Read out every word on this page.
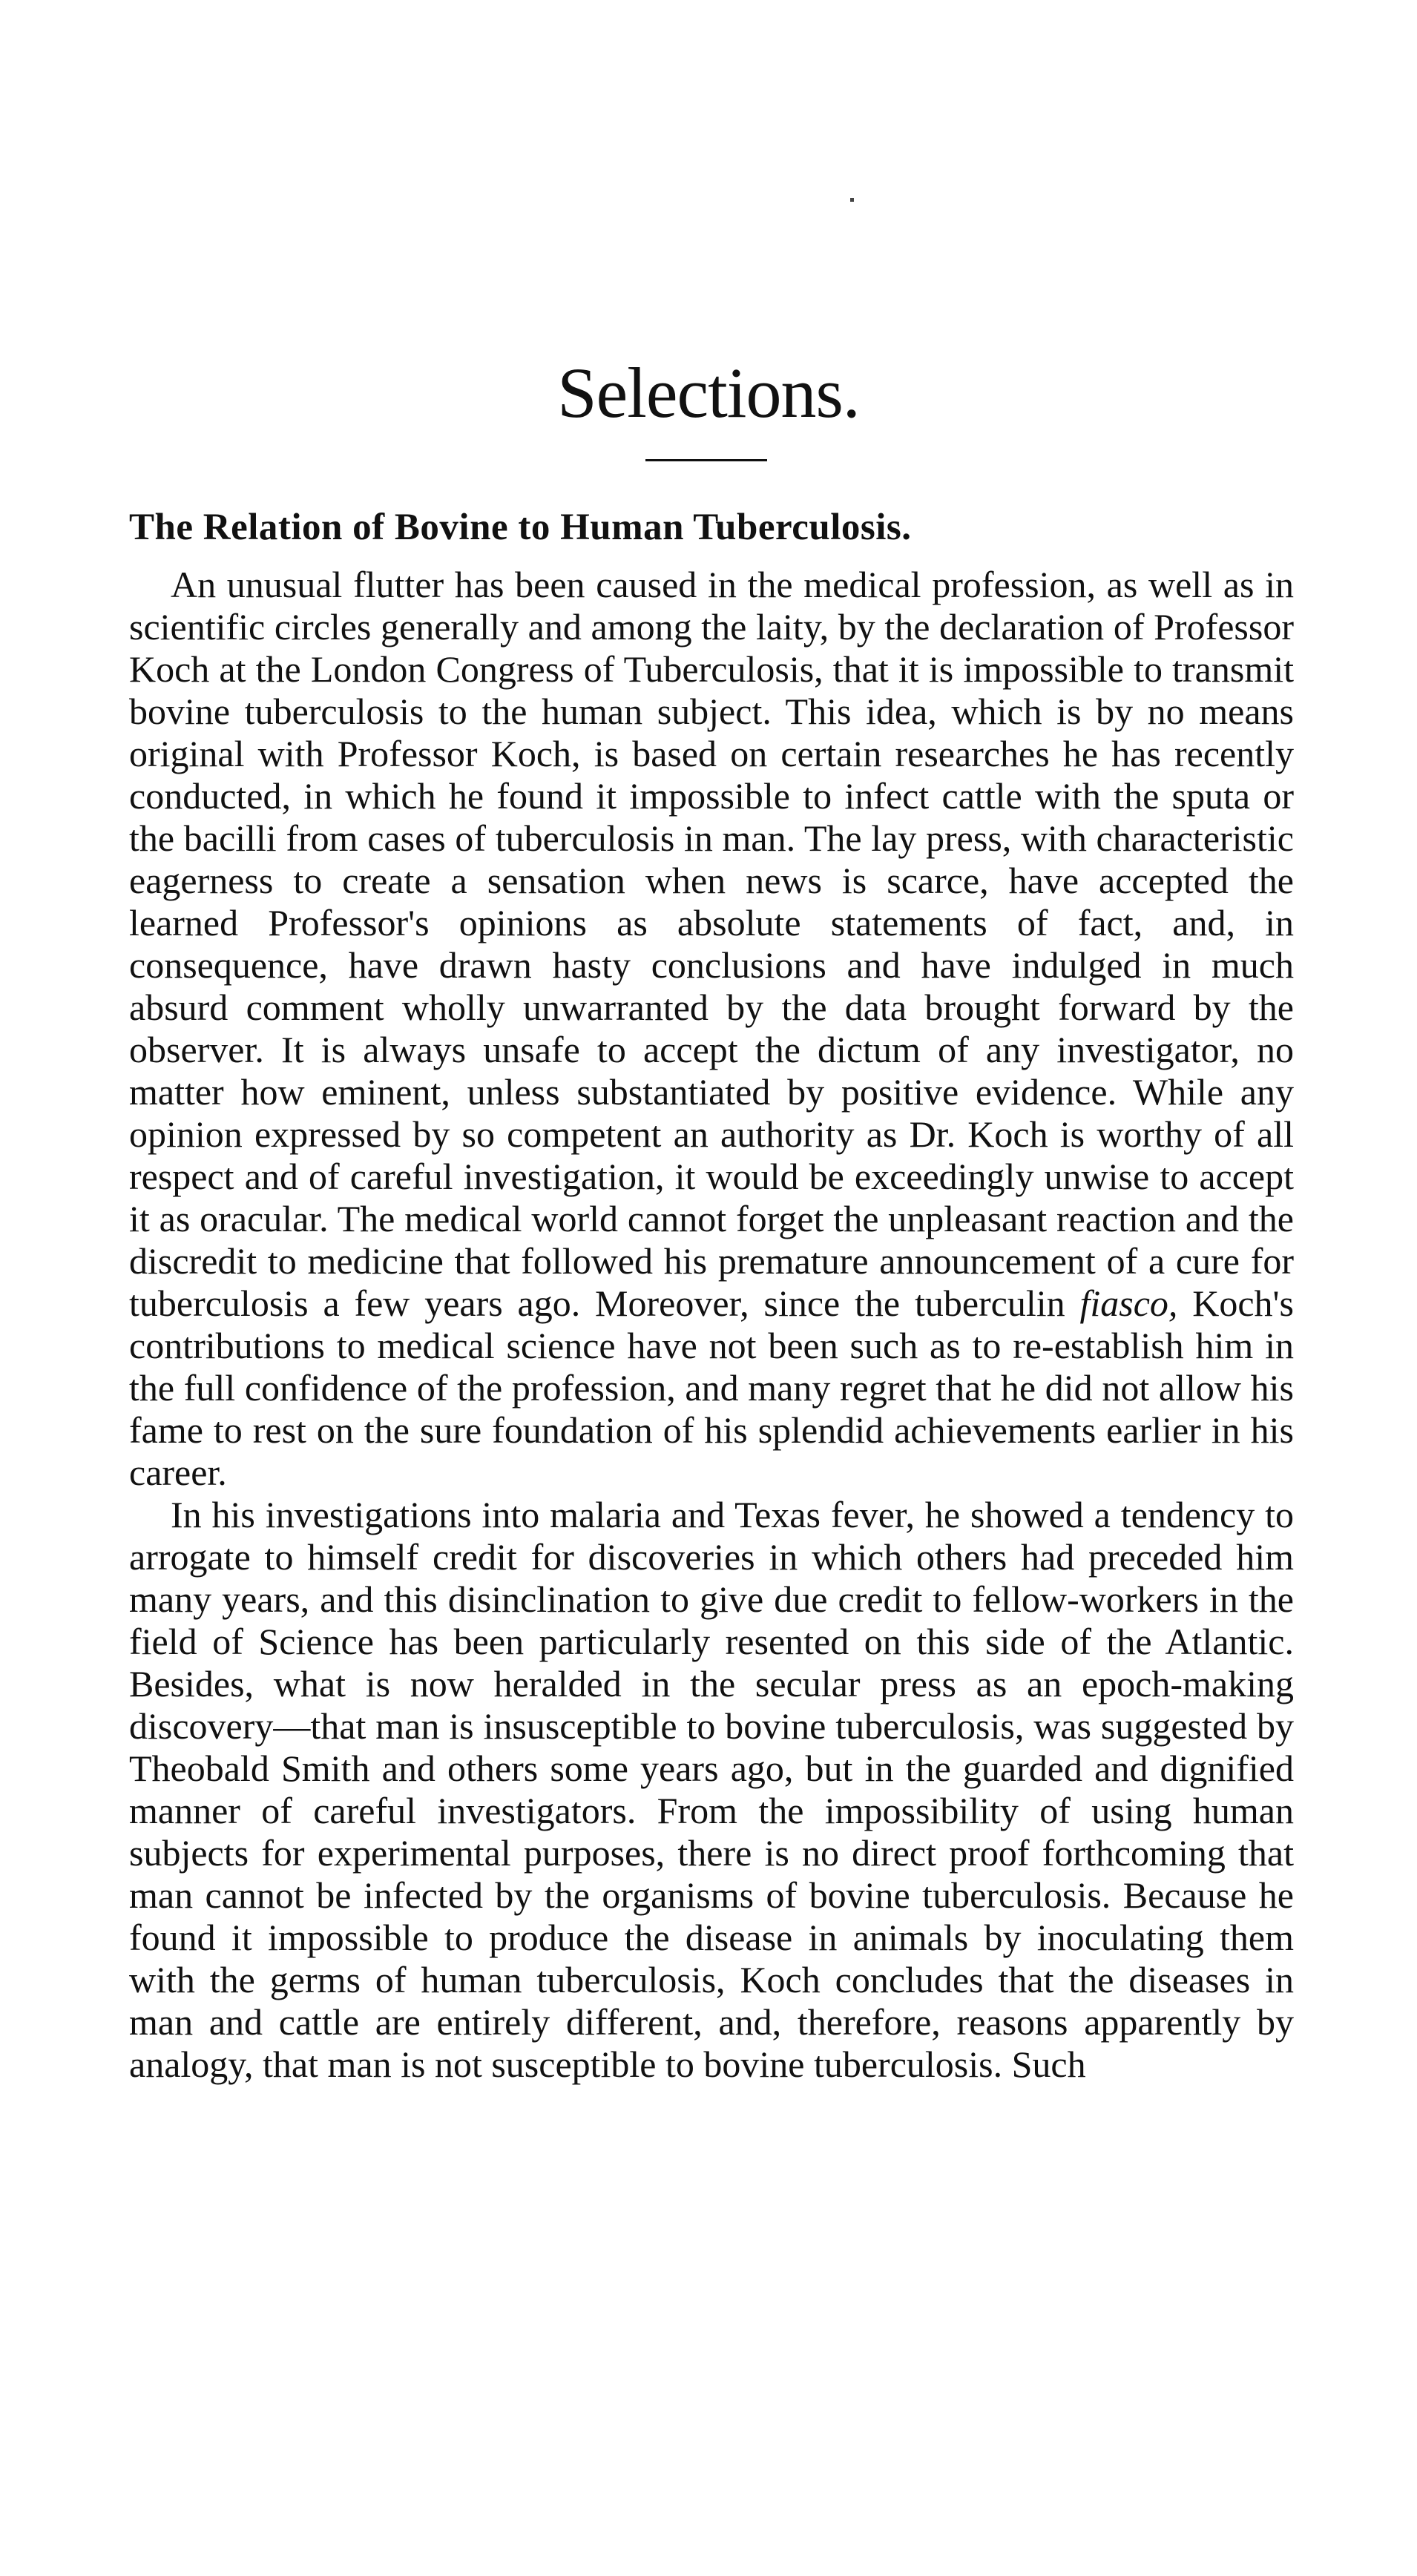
Selections.
The Relation of Bovine to Human Tuberculosis.

An unusual flutter has been caused in the medical profession, as well as in scientific circles generally and among the laity, by the declaration of Professor Koch at the London Congress of Tuberculosis, that it is impossible to transmit bovine tuberculosis to the human subject. This idea, which is by no means original with Professor Koch, is based on certain researches he has recently conducted, in which he found it impossible to infect cattle with the sputa or the bacilli from cases of tuberculosis in man. The lay press, with characteristic eagerness to create a sensation when news is scarce, have accepted the learned Professor's opinions as absolute statements of fact, and, in consequence, have drawn hasty conclusions and have indulged in much absurd comment wholly unwarranted by the data brought forward by the observer. It is always unsafe to accept the dictum of any investigator, no matter how eminent, unless substantiated by positive evidence. While any opinion expressed by so competent an authority as Dr. Koch is worthy of all respect and of careful investigation, it would be exceedingly unwise to accept it as oracular. The medical world cannot forget the unpleasant reaction and the discredit to medicine that followed his premature announcement of a cure for tuberculosis a few years ago. Moreover, since the tuberculin fiasco, Koch's contributions to medical science have not been such as to re-establish him in the full confidence of the profession, and many regret that he did not allow his fame to rest on the sure foundation of his splendid achievements earlier in his career.

In his investigations into malaria and Texas fever, he showed a tendency to arrogate to himself credit for discoveries in which others had preceded him many years, and this disinclination to give due credit to fellow-workers in the field of Science has been particularly resented on this side of the Atlantic. Besides, what is now heralded in the secular press as an epoch-making discovery—that man is insusceptible to bovine tuberculosis, was suggested by Theobald Smith and others some years ago, but in the guarded and dignified manner of careful investigators. From the impossibility of using human subjects for experimental purposes, there is no direct proof forthcoming that man cannot be infected by the organisms of bovine tuberculosis. Because he found it impossible to produce the disease in animals by inoculating them with the germs of human tuberculosis, Koch concludes that the diseases in man and cattle are entirely different, and, therefore, reasons apparently by analogy, that man is not susceptible to bovine tuberculosis. Such
